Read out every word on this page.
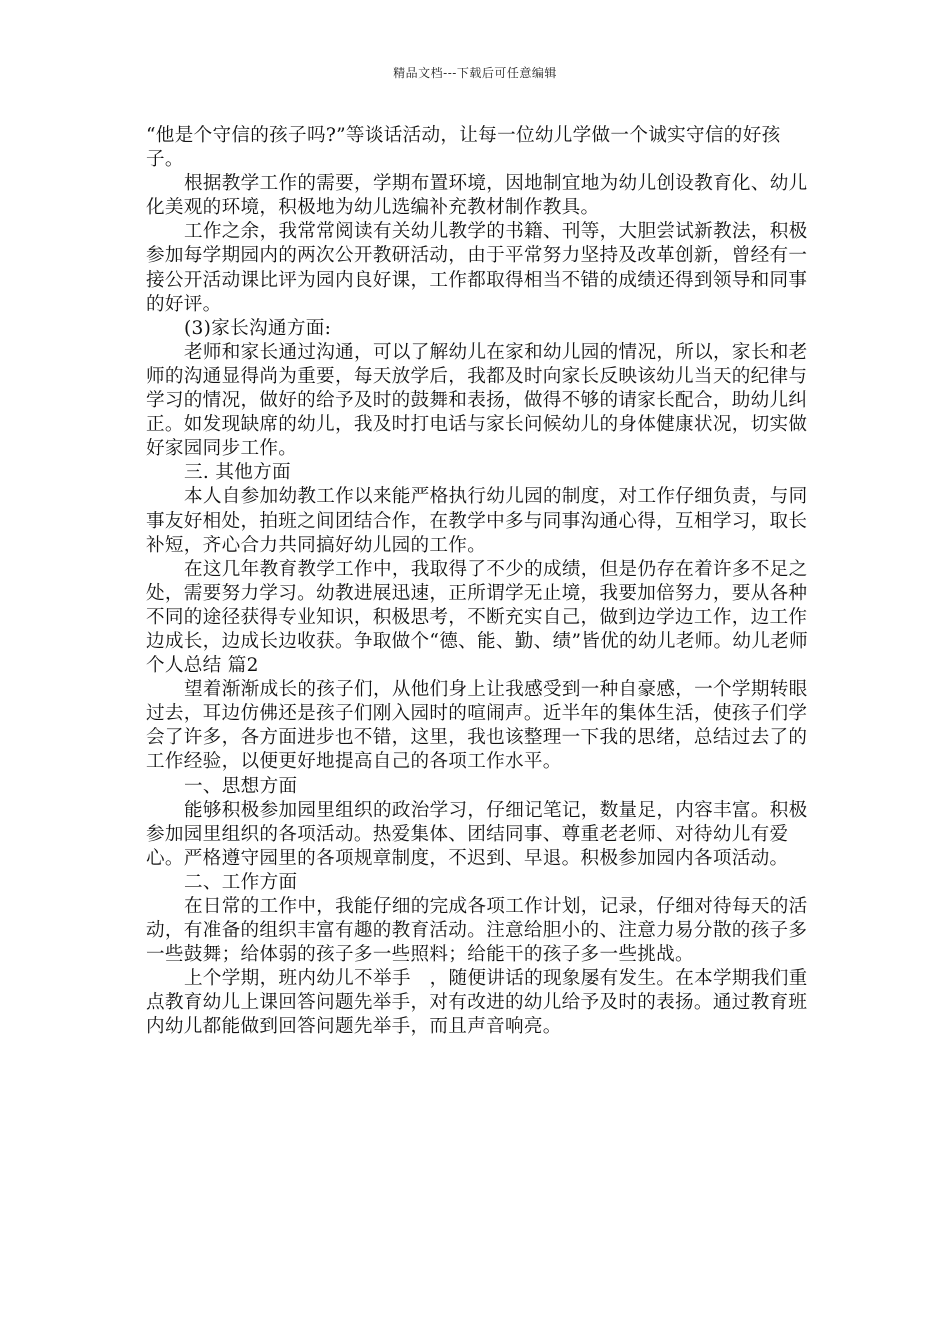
精品文档---下载后可任意编辑

“他是个守信的孩子吗?”等谈话活动，让每一位幼儿学做一个诚实守信的好孩子。

根据教学工作的需要，学期布置环境，因地制宜地为幼儿创设教育化、幼儿化美观的环境，积极地为幼儿选编补充教材制作教具。

工作之余，我常常阅读有关幼儿教学的书籍、刊等，大胆尝试新教法，积极参加每学期园内的两次公开教研活动，由于平常努力坚持及改革创新，曾经有一接公开活动课比评为园内良好课，工作都取得相当不错的成绩还得到领导和同事的好评。

(3)家长沟通方面:

老师和家长通过沟通，可以了解幼儿在家和幼儿园的情况，所以，家长和老师的沟通显得尚为重要，每天放学后，我都及时向家长反映该幼儿当天的纪律与学习的情况，做好的给予及时的鼓舞和表扬，做得不够的请家长配合，助幼儿纠正。如发现缺席的幼儿，我及时打电话与家长问候幼儿的身体健康状况，切实做好家园同步工作。

三. 其他方面

本人自参加幼教工作以来能严格执行幼儿园的制度，对工作仔细负责，与同事友好相处，拍班之间团结合作，在教学中多与同事沟通心得，互相学习，取长补短，齐心合力共同搞好幼儿园的工作。

在这几年教育教学工作中，我取得了不少的成绩，但是仍存在着许多不足之处，需要努力学习。幼教进展迅速，正所谓学无止境，我要加倍努力，要从各种不同的途径获得专业知识，积极思考，不断充实自己，做到边学边工作，边工作边成长，边成长边收获。争取做个“德、能、勤、绩”皆优的幼儿老师。幼儿老师个人总结 篇2

望着渐渐成长的孩子们，从他们身上让我感受到一种自豪感，一个学期转眼过去，耳边仿佛还是孩子们刚入园时的喧闹声。近半年的集体生活，使孩子们学会了许多，各方面进步也不错，这里，我也该整理一下我的思绪，总结过去了的工作经验，以便更好地提高自己的各项工作水平。

一、思想方面

能够积极参加园里组织的政治学习，仔细记笔记，数量足，内容丰富。积极参加园里组织的各项活动。热爱集体、团结同事、尊重老老师、对待幼儿有爱心。严格遵守园里的各项规章制度，不迟到、早退。积极参加园内各项活动。

二、工作方面

在日常的工作中，我能仔细的完成各项工作计划，记录，仔细对待每天的活动，有准备的组织丰富有趣的教育活动。注意给胆小的、注意力易分散的孩子多一些鼓舞；给体弱的孩子多一些照料；给能干的孩子多一些挑战。

上个学期，班内幼儿不举手　，随便讲话的现象屡有发生。在本学期我们重点教育幼儿上课回答问题先举手，对有改进的幼儿给予及时的表扬。通过教育班内幼儿都能做到回答问题先举手，而且声音响亮。
